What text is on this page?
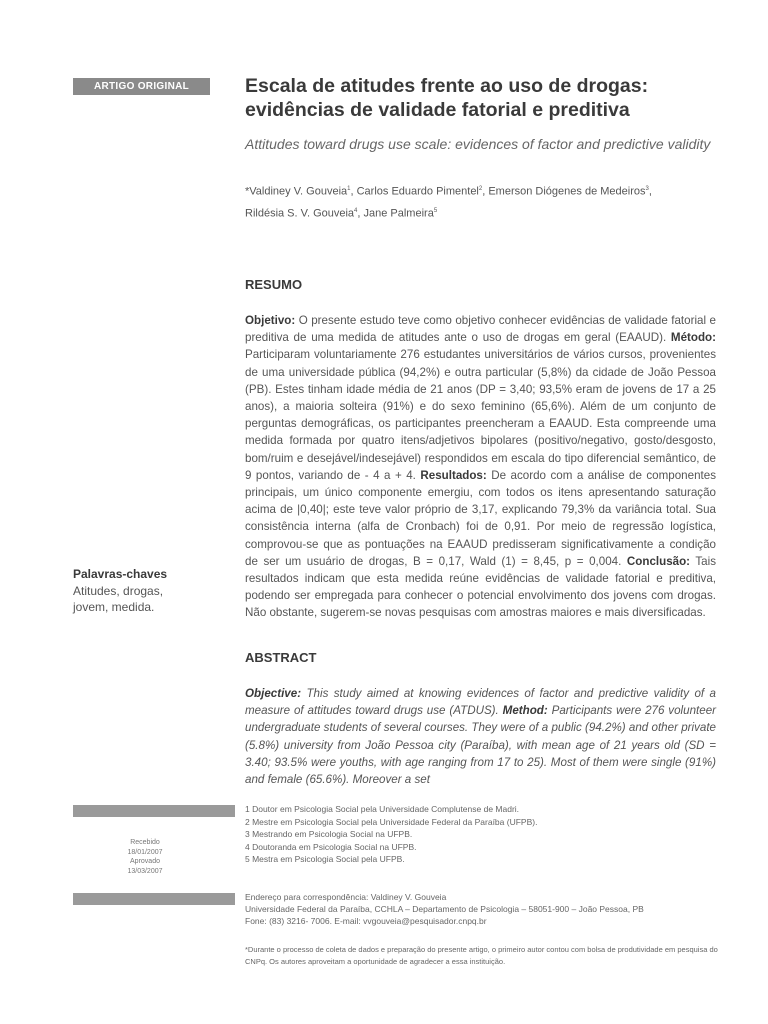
ARTIGO ORIGINAL	Escala de atitudes frente ao uso de drogas:
evidências de validade fatorial e preditiva
Attitudes toward drugs use scale: evidences of factor and predictive validity
*Valdiney V. Gouveia$^1$, Carlos Eduardo Pimentel$^2$, Emerson Diógenes de Medeiros$^3$,
Rildésia S. V. Gouveia$^4$, Jane Palmeira$^5$
RESUMO
Objetivo: O presente estudo teve como objetivo conhecer evidências de validade fatorial e preditiva de uma medida de atitudes ante o uso de drogas em geral (EAAUD). Método: Participaram voluntariamente 276 estudantes universitários de vários cursos, provenientes de uma universidade pública (94,2%) e outra particular (5,8%) da cidade de João Pessoa (PB). Estes tinham idade média de 21 anos (DP = 3,40; 93,5% eram de jovens de 17 a 25 anos), a maioria solteira (91%) e do sexo feminino (65,6%). Além de um conjunto de perguntas demográficas, os participantes preencheram a EAAUD. Esta compreende uma medida formada por quatro itens/adjetivos bipolares (positivo/negativo, gosto/desgosto, bom/ruim e desejável/indesejável) respondidos em escala do tipo diferencial semântico, de 9 pontos, variando de - 4 a + 4. Resultados: De acordo com a análise de componentes principais, um único componente emergiu, com todos os itens apresentando saturação acima de |0,40|; este teve valor próprio de 3,17, explicando 79,3% da variância total. Sua consistência interna (alfa de Cronbach) foi de 0,91. Por meio de regressão logística, comprovou-se que as pontuações na EAAUD predisseram significativamente a condição de ser um usuário de drogas, B = 0,17, Wald (1) = 8,45, p = 0,004. Conclusão: Tais resultados indicam que esta medida reúne evidências de validade fatorial e preditiva, podendo ser empregada para conhecer o potencial envolvimento dos jovens com drogas. Não obstante, sugerem-se novas pesquisas com amostras maiores e mais diversificadas.
Palavras-chaves
Atitudes, drogas, jovem, medida.
ABSTRACT
Objective: This study aimed at knowing evidences of factor and predictive validity of a measure of attitudes toward drugs use (ATDUS). Method: Participants were 276 volunteer undergraduate students of several courses. They were of a public (94.2%) and other private (5.8%) university from João Pessoa city (Paraíba), with mean age of 21 years old (SD = 3.40; 93.5% were youths, with age ranging from 17 to 25). Most of them were single (91%) and female (65.6%). Moreover a set
Recebido
18/01/2007
Aprovado
13/03/2007
1 Doutor em Psicologia Social pela Universidade Complutense de Madri.
2 Mestre em Psicologia Social pela Universidade Federal da Paraíba (UFPB).
3 Mestrando em Psicologia Social na UFPB.
4 Doutoranda em Psicologia Social na UFPB.
5 Mestra em Psicologia Social pela UFPB.
Endereço para correspondência: Valdiney V. Gouveia
Universidade Federal da Paraíba, CCHLA – Departamento de Psicologia – 58051-900 – João Pessoa, PB
Fone: (83) 3216- 7006. E-mail: vvgouveia@pesquisador.cnpq.br
*Durante o processo de coleta de dados e preparação do presente artigo, o primeiro autor contou com bolsa de produtividade em pesquisa do CNPq. Os autores aproveitam a oportunidade de agradecer a essa instituição.
